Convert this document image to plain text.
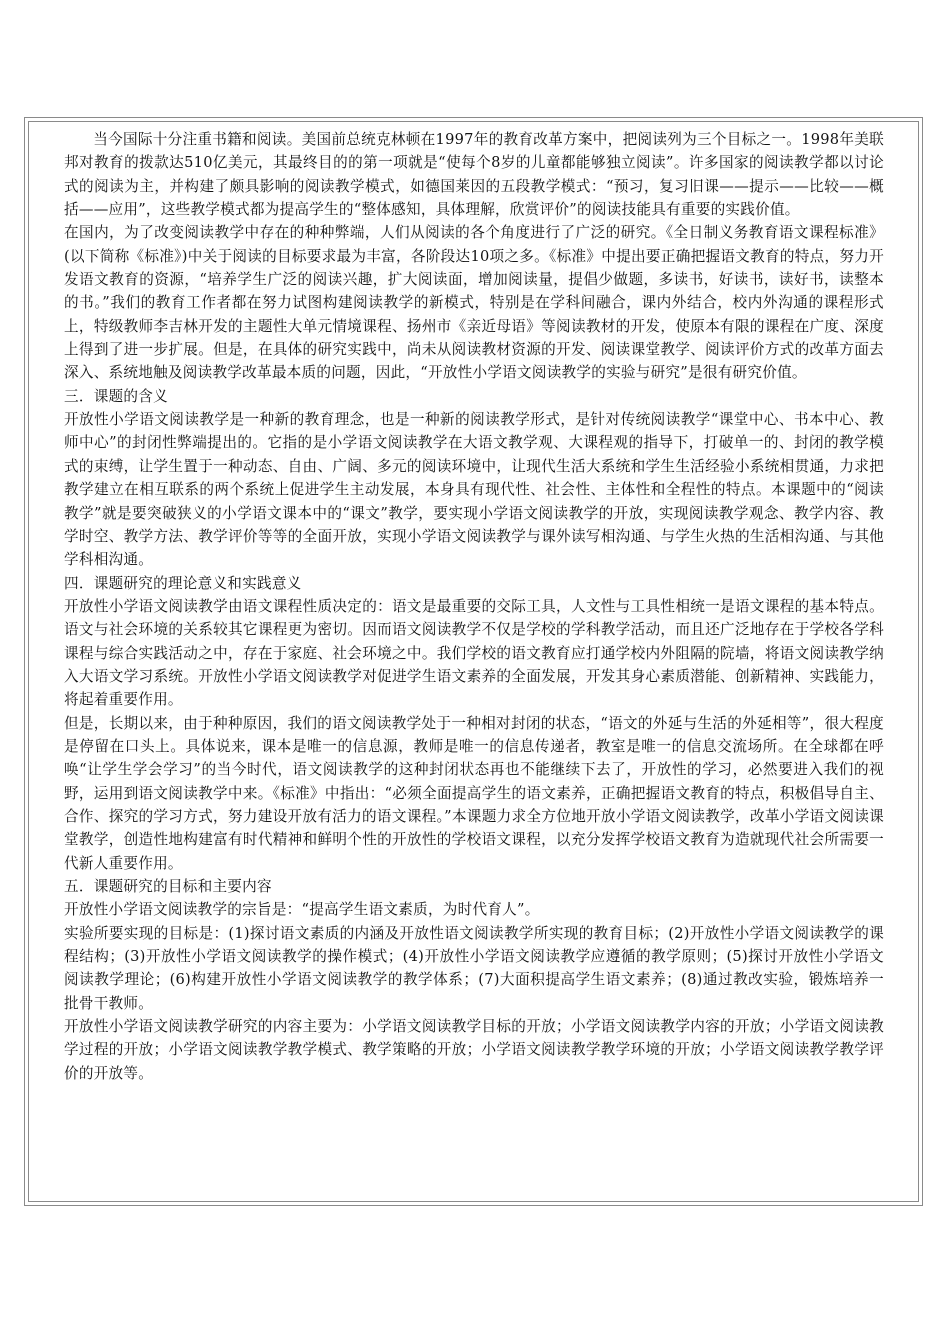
当今国际十分注重书籍和阅读。美国前总统克林顿在1997年的教育改革方案中，把阅读列为三个目标之一。1998年美联邦对教育的拨款达510亿美元，其最终目的的第一项就是“使每个8岁的儿童都能够独立阅读”。许多国家的阅读教学都以讨论式的阅读为主，并构建了颇具影响的阅读教学模式，如德国莱因的五段教学模式：“预习，复习旧课——提示——比较——概括——应用”，这些教学模式都为提高学生的“整体感知，具体理解，欣赏评价”的阅读技能具有重要的实践价值。

在国内，为了改变阅读教学中存在的种种弊端，人们从阅读的各个角度进行了广泛的研究。《全日制义务教育语文课程标准》(以下简称《标准》)中关于阅读的目标要求最为丰富，各阶段达10项之多。《标准》中提出要正确把握语文教育的特点，努力开发语文教育的资源，“培养学生广泛的阅读兴趣，扩大阅读面，增加阅读量，提倡少做题，多读书，好读书，读好书，读整本的书。”我们的教育工作者都在努力试图构建阅读教学的新模式，特别是在学科间融合，课内外结合，校内外沟通的课程形式上，特级教师李吉林开发的主题性大单元情境课程、扬州市《亲近母语》等阅读教材的开发，使原本有限的课程在广度、深度上得到了进一步扩展。但是，在具体的研究实践中，尚未从阅读教材资源的开发、阅读课堂教学、阅读评价方式的改革方面去深入、系统地触及阅读教学改革最本质的问题，因此，“开放性小学语文阅读教学的实验与研究”是很有研究价值。

三．课题的含义

开放性小学语文阅读教学是一种新的教育理念，也是一种新的阅读教学形式，是针对传统阅读教学“课堂中心、书本中心、教师中心”的封闭性弊端提出的。它指的是小学语文阅读教学在大语文教学观、大课程观的指导下，打破单一的、封闭的教学模式的束缚，让学生置于一种动态、自由、广阔、多元的阅读环境中，让现代生活大系统和学生生活经验小系统相贯通，力求把教学建立在相互联系的两个系统上促进学生主动发展，本身具有现代性、社会性、主体性和全程性的特点。本课题中的“阅读教学”就是要突破狭义的小学语文课本中的“课文”教学，要实现小学语文阅读教学的开放，实现阅读教学观念、教学内容、教学时空、教学方法、教学评价等等的全面开放，实现小学语文阅读教学与课外读写相沟通、与学生火热的生活相沟通、与其他学科相沟通。

四．课题研究的理论意义和实践意义

开放性小学语文阅读教学由语文课程性质决定的：语文是最重要的交际工具，人文性与工具性相统一是语文课程的基本特点。语文与社会环境的关系较其它课程更为密切。因而语文阅读教学不仅是学校的学科教学活动，而且还广泛地存在于学校各学科课程与综合实践活动之中，存在于家庭、社会环境之中。我们学校的语文教育应打通学校内外阻隔的院墙，将语文阅读教学纳入大语文学习系统。开放性小学语文阅读教学对促进学生语文素养的全面发展，开发其身心素质潜能、创新精神、实践能力，将起着重要作用。

但是，长期以来，由于种种原因，我们的语文阅读教学处于一种相对封闭的状态，“语文的外延与生活的外延相等”，很大程度是停留在口头上。具体说来，课本是唯一的信息源，教师是唯一的信息传递者，教室是唯一的信息交流场所。在全球都在呼唤“让学生学会学习”的当今时代，语文阅读教学的这种封闭状态再也不能继续下去了，开放性的学习，必然要进入我们的视野，运用到语文阅读教学中来。《标准》中指出：“必须全面提高学生的语文素养，正确把握语文教育的特点，积极倡导自主、合作、探究的学习方式，努力建设开放有活力的语文课程。”本课题力求全方位地开放小学语文阅读教学，改革小学语文阅读课堂教学，创造性地构建富有时代精神和鲜明个性的开放性的学校语文课程，以充分发挥学校语文教育为造就现代社会所需要一代新人重要作用。

五．课题研究的目标和主要内容

开放性小学语文阅读教学的宗旨是：“提高学生语文素质，为时代育人”。

实验所要实现的目标是：(1)探讨语文素质的内涵及开放性语文阅读教学所实现的教育目标；(2)开放性小学语文阅读教学的课程结构；(3)开放性小学语文阅读教学的操作模式；(4)开放性小学语文阅读教学应遵循的教学原则；(5)探讨开放性小学语文阅读教学理论；(6)构建开放性小学语文阅读教学的教学体系；(7)大面积提高学生语文素养；(8)通过教改实验，锻炼培养一批骨干教师。

开放性小学语文阅读教学研究的内容主要为：小学语文阅读教学目标的开放；小学语文阅读教学内容的开放；小学语文阅读教学过程的开放；小学语文阅读教学教学模式、教学策略的开放；小学语文阅读教学教学环境的开放；小学语文阅读教学教学评价的开放等。
